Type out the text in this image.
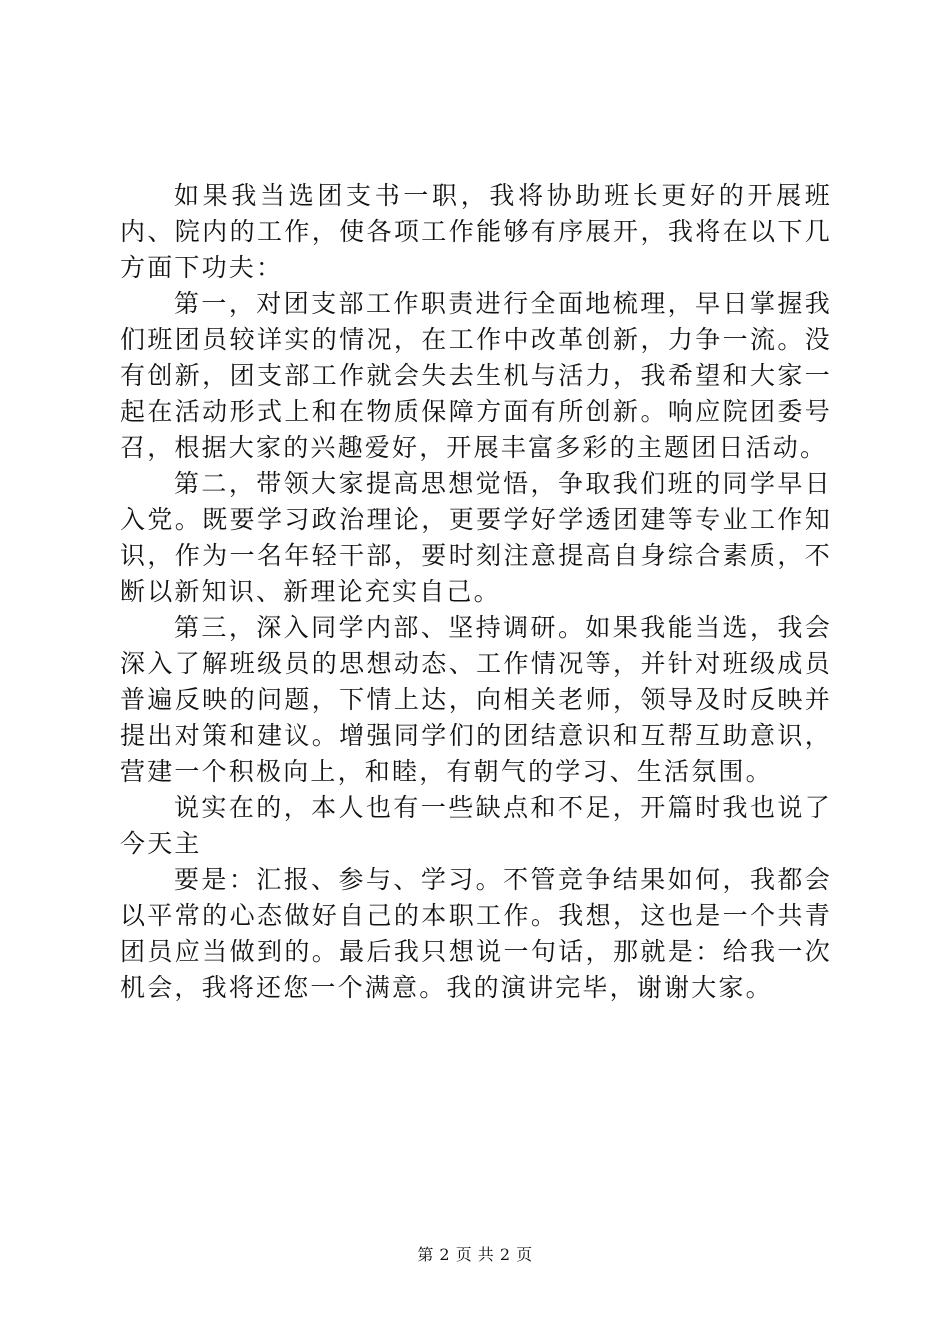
如果我当选团支书一职，我将协助班长更好的开展班内、院内的工作，使各项工作能够有序展开，我将在以下几方面下功夫：

第一，对团支部工作职责进行全面地梳理，早日掌握我们班团员较详实的情况，在工作中改革创新，力争一流。没有创新，团支部工作就会失去生机与活力，我希望和大家一起在活动形式上和在物质保障方面有所创新。响应院团委号召，根据大家的兴趣爱好，开展丰富多彩的主题团日活动。

第二，带领大家提高思想觉悟，争取我们班的同学早日入党。既要学习政治理论，更要学好学透团建等专业工作知识，作为一名年轻干部，要时刻注意提高自身综合素质，不断以新知识、新理论充实自己。

第三，深入同学内部、坚持调研。如果我能当选，我会深入了解班级员的思想动态、工作情况等，并针对班级成员普遍反映的问题，下情上达，向相关老师，领导及时反映并提出对策和建议。增强同学们的团结意识和互帮互助意识，营建一个积极向上，和睦，有朝气的学习、生活氛围。

说实在的，本人也有一些缺点和不足，开篇时我也说了今天主

要是：汇报、参与、学习。不管竞争结果如何，我都会以平常的心态做好自己的本职工作。我想，这也是一个共青团员应当做到的。最后我只想说一句话，那就是：给我一次机会，我将还您一个满意。我的演讲完毕，谢谢大家。

第 2 页 共 2 页
